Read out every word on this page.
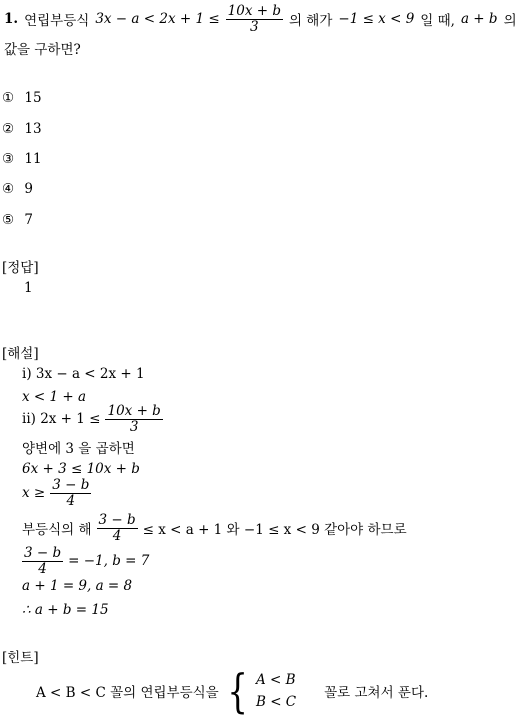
1. 연립부등식 $3x - a < 2x + 1 \le \frac{10x + b}{3}$ 의 해가 −1 ≤ x < 9 일 때, a + b 의
값을 구하면?
① 15
② 13
③ 11
④ 9
⑤ 7
[정답]
1
[해설]
i) 3x − a < 2x + 1
x < 1 + a
ii) $2x + 1 \le \frac{10x + b}{3}$
양변에 3 을 곱하면
6x + 3 ≤ 10x + b
$x \ge \frac{3 - b}{4}$
부등식의 해 $\frac{3 - b}{4} \le x < a + 1$ 와 −1 ≤ x < 9 같아야 하므로
$\frac{3 - b}{4} = -1$, b = 7
a + 1 = 9, a = 8
∴ a + b = 15
[힌트]
A < B < C 꼴의 연립부등식을 { A < B
B < C
꼴로 고쳐서 푼다.
